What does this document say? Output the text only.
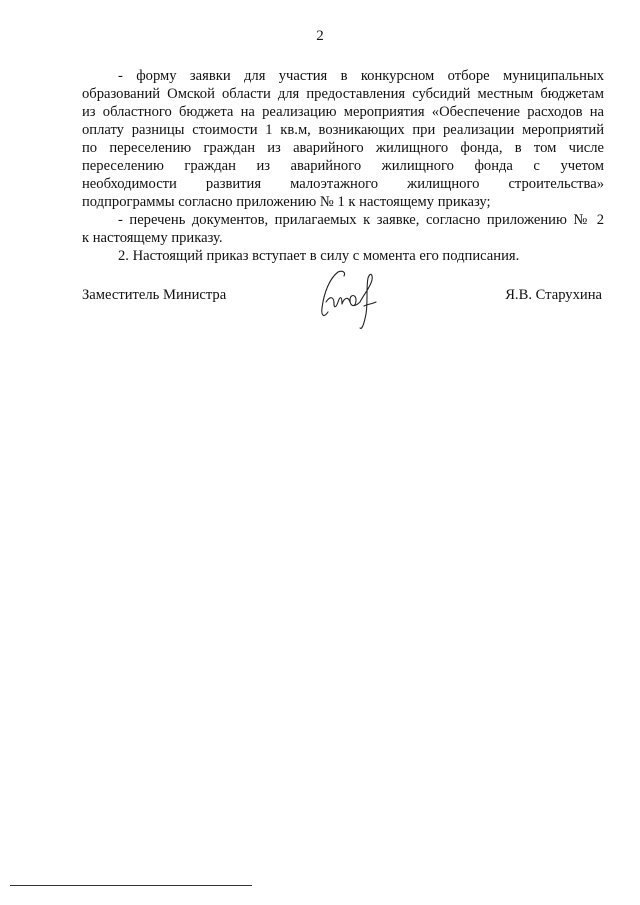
2
- форму заявки для участия в конкурсном отборе муниципальных
образований Омской области для предоставления субсидий местным бюджетам
из областного бюджета на реализацию мероприятия «Обеспечение расходов на
оплату разницы стоимости 1 кв.м, возникающих при реализации мероприятий
по переселению граждан из аварийного жилищного фонда, в том числе
переселению граждан из аварийного жилищного фонда с учетом
необходимости развития малоэтажного жилищного строительства»
подпрограммы согласно приложению № 1 к настоящему приказу;
- перечень документов, прилагаемых к заявке, согласно приложению № 2
к настоящему приказу.
2. Настоящий приказ вступает в силу с момента его подписания.
Заместитель Министра	Я.В. Старухина
